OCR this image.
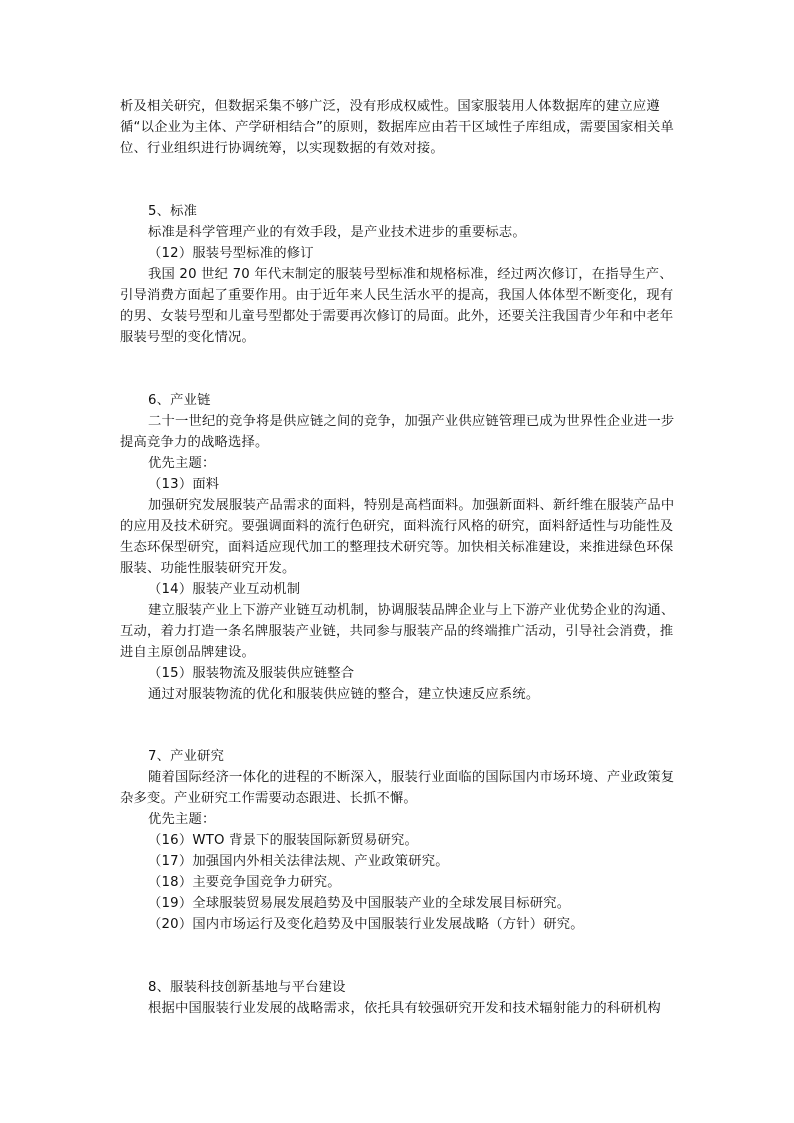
析及相关研究，但数据采集不够广泛，没有形成权威性。国家服装用人体数据库的建立应遵循“以企业为主体、产学研相结合”的原则，数据库应由若干区域性子库组成，需要国家相关单位、行业组织进行协调统筹，以实现数据的有效对接。

5、标准

标准是科学管理产业的有效手段，是产业技术进步的重要标志。

（12）服装号型标准的修订

我国 20 世纪 70 年代末制定的服装号型标准和规格标准，经过两次修订，在指导生产、引导消费方面起了重要作用。由于近年来人民生活水平的提高，我国人体体型不断变化，现有的男、女装号型和儿童号型都处于需要再次修订的局面。此外，还要关注我国青少年和中老年服装号型的变化情况。

6、产业链

二十一世纪的竞争将是供应链之间的竞争，加强产业供应链管理已成为世界性企业进一步提高竞争力的战略选择。

优先主题：

（13）面料

加强研究发展服装产品需求的面料，特别是高档面料。加强新面料、新纤维在服装产品中的应用及技术研究。要强调面料的流行色研究，面料流行风格的研究，面料舒适性与功能性及生态环保型研究，面料适应现代加工的整理技术研究等。加快相关标准建设，来推进绿色环保服装、功能性服装研究开发。

（14）服装产业互动机制

建立服装产业上下游产业链互动机制，协调服装品牌企业与上下游产业优势企业的沟通、互动，着力打造一条名牌服装产业链，共同参与服装产品的终端推广活动，引导社会消费，推进自主原创品牌建设。

（15）服装物流及服装供应链整合

通过对服装物流的优化和服装供应链的整合，建立快速反应系统。

7、产业研究

随着国际经济一体化的进程的不断深入，服装行业面临的国际国内市场环境、产业政策复杂多变。产业研究工作需要动态跟进、长抓不懈。

优先主题：

（16）WTO 背景下的服装国际新贸易研究。

（17）加强国内外相关法律法规、产业政策研究。

（18）主要竞争国竞争力研究。

（19）全球服装贸易展发展趋势及中国服装产业的全球发展目标研究。

（20）国内市场运行及变化趋势及中国服装行业发展战略（方针）研究。

8、服装科技创新基地与平台建设

根据中国服装行业发展的战略需求，依托具有较强研究开发和技术辐射能力的科研机构
